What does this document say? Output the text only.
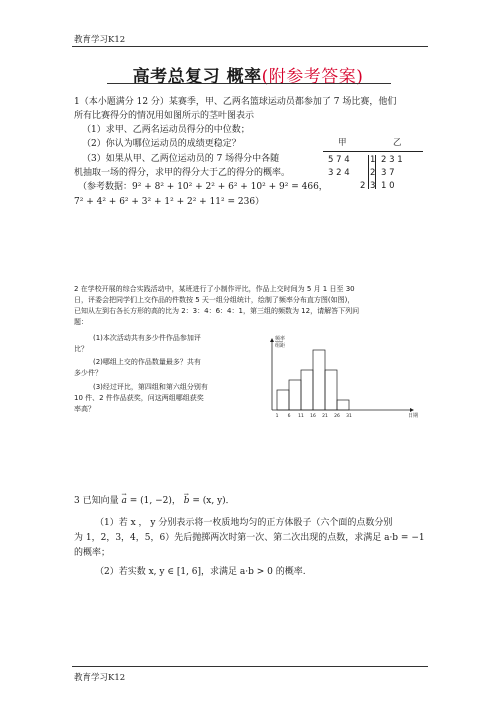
教育学习K12
高考总复习 概率(附参考答案)
1（本小题满分 12 分）某赛季，甲、乙两名篮球运动员都参加了 7 场比赛，他们
所有比赛得分的情况用如图所示的茎叶图表示
（1）求甲、乙两名运动员得分的中位数；
（2）你认为哪位运动员的成绩更稳定？
（3）如果从甲、乙两位运动员的 7 场得分中各随
机抽取一场的得分，求甲的得分大于乙的得分的概率。
（参考数据：9² + 8² + 10² + 2² + 6² + 10² + 9² = 466，
7² + 4² + 6² + 3² + 1² + 2² + 11² = 236）
甲	乙
5 7 4 1 2 3 1
3 2 4 2 3 7
2 3 1 0
2 在学校开展的综合实践活动中，某班进行了小制作评比，作品上交时间为 5 月 1 日至 30
日，评委会把同学们上交作品的件数按 5 天一组分组统计，绘制了频率分布直方图(如图)，
已知从左到右各长方形的高的比为 2：3：4：6：4：1，第三组的频数为 12，请解答下列问
题：
(1)本次活动共有多少件作品参加评
比？
(2)哪组上交的作品数量最多？共有
多少件？
(3)经过评比，第四组和第六组分别有
10 件、2 件作品获奖，问这两组哪组获奖
率高？
频率
组距
1 6 11 16 21 26 31	日期
3 已知向量 → a = (1, −2)， → b = (x, y)．
（1）若 x ， y 分别表示将一枚质地均匀的正方体骰子（六个面的点数分别
为 1，2，3，4，5，6）先后抛掷两次时第一次、第二次出现的点数，求满足 a·b = −1
的概率；
（2）若实数 x, y ∈ [1, 6]，求满足 a·b > 0 的概率.
教育学习K12
